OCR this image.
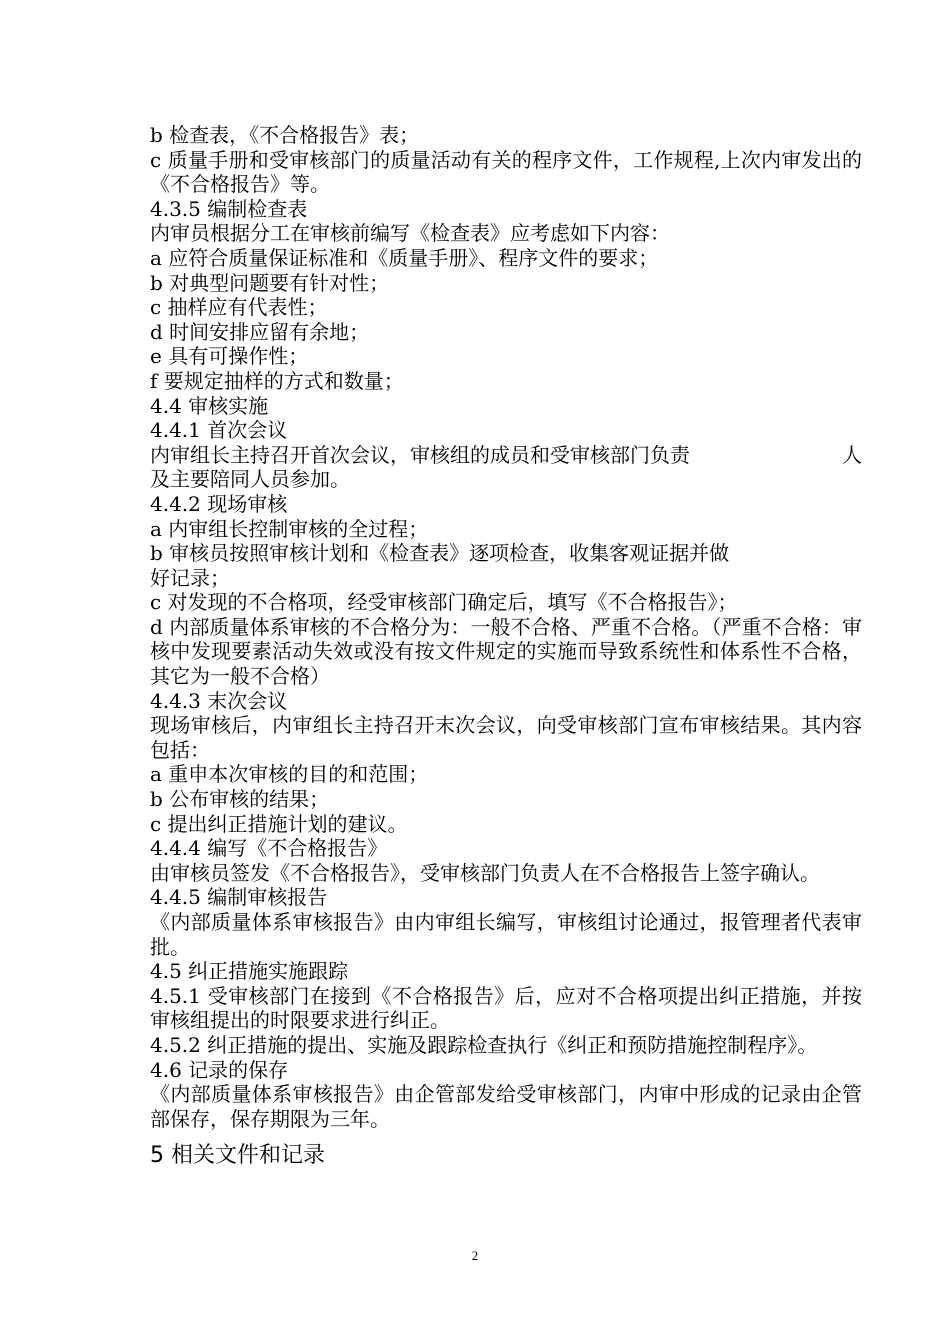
b 检查表，《不合格报告》表；
c 质量手册和受审核部门的质量活动有关的程序文件，工作规程,上次内审发出的《不合格报告》等。
4.3.5 编制检查表
内审员根据分工在审核前编写《检查表》应考虑如下内容：
a 应符合质量保证标准和《质量手册》、程序文件的要求；
b 对典型问题要有针对性；
c 抽样应有代表性；
d 时间安排应留有余地；
e 具有可操作性；
f 要规定抽样的方式和数量；
4.4 审核实施
4.4.1 首次会议
内审组长主持召开首次会议，审核组的成员和受审核部门负责	人
及主要陪同人员参加。
4.4.2 现场审核
a 内审组长控制审核的全过程；
b 审核员按照审核计划和《检查表》逐项检查，收集客观证据并做
好记录；
c 对发现的不合格项，经受审核部门确定后，填写《不合格报告》；
d 内部质量体系审核的不合格分为：一般不合格、严重不合格。（严重不合格：审核中发现要素活动失效或没有按文件规定的实施而导致系统性和体系性不合格，其它为一般不合格）
4.4.3 末次会议
现场审核后，内审组长主持召开末次会议，向受审核部门宣布审核结果。其内容包括：
a 重申本次审核的目的和范围；
b 公布审核的结果；
c 提出纠正措施计划的建议。
4.4.4 编写《不合格报告》
由审核员签发《不合格报告》，受审核部门负责人在不合格报告上签字确认。
4.4.5 编制审核报告
《内部质量体系审核报告》由内审组长编写，审核组讨论通过，报管理者代表审批。
4.5 纠正措施实施跟踪
4.5.1 受审核部门在接到《不合格报告》后，应对不合格项提出纠正措施，并按审核组提出的时限要求进行纠正。
4.5.2 纠正措施的提出、实施及跟踪检查执行《纠正和预防措施控制程序》。
4.6 记录的保存
《内部质量体系审核报告》由企管部发给受审核部门，内审中形成的记录由企管部保存，保存期限为三年。
5 相关文件和记录
2
